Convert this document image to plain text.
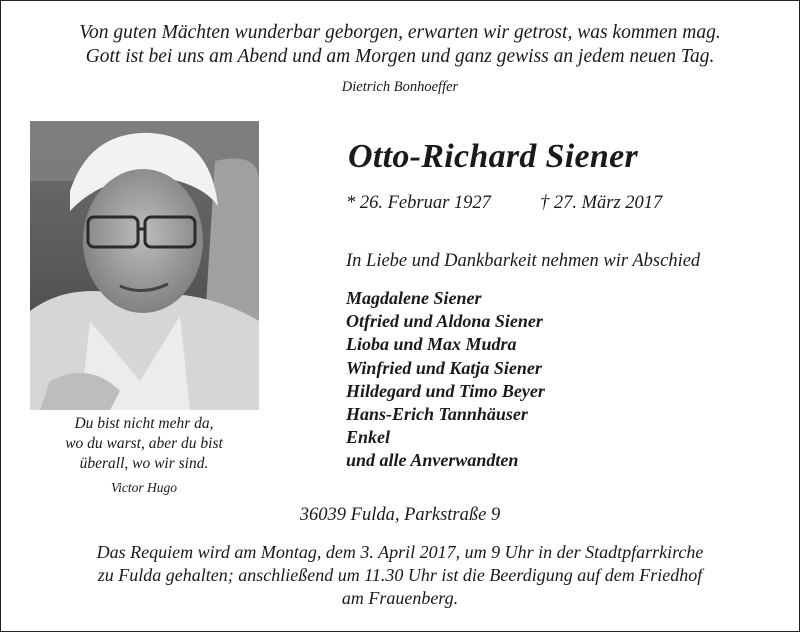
Von guten Mächten wunderbar geborgen, erwarten wir getrost, was kommen mag.
Gott ist bei uns am Abend und am Morgen und ganz gewiss an jedem neuen Tag.
Dietrich Bonhoeffer
Du bist nicht mehr da,
wo du warst, aber du bist
überall, wo wir sind.
Victor Hugo
Otto-Richard Siener
* 26. Februar 1927	† 27. März 2017
In Liebe und Dankbarkeit nehmen wir Abschied
Magdalene Siener
Otfried und Aldona Siener
Lioba und Max Mudra
Winfried und Katja Siener
Hildegard und Timo Beyer
Hans-Erich Tannhäuser
Enkel
und alle Anverwandten
36039 Fulda, Parkstraße 9
Das Requiem wird am Montag, dem 3. April 2017, um 9 Uhr in der Stadtpfarrkirche
zu Fulda gehalten; anschließend um 11.30 Uhr ist die Beerdigung auf dem Friedhof
am Frauenberg.
